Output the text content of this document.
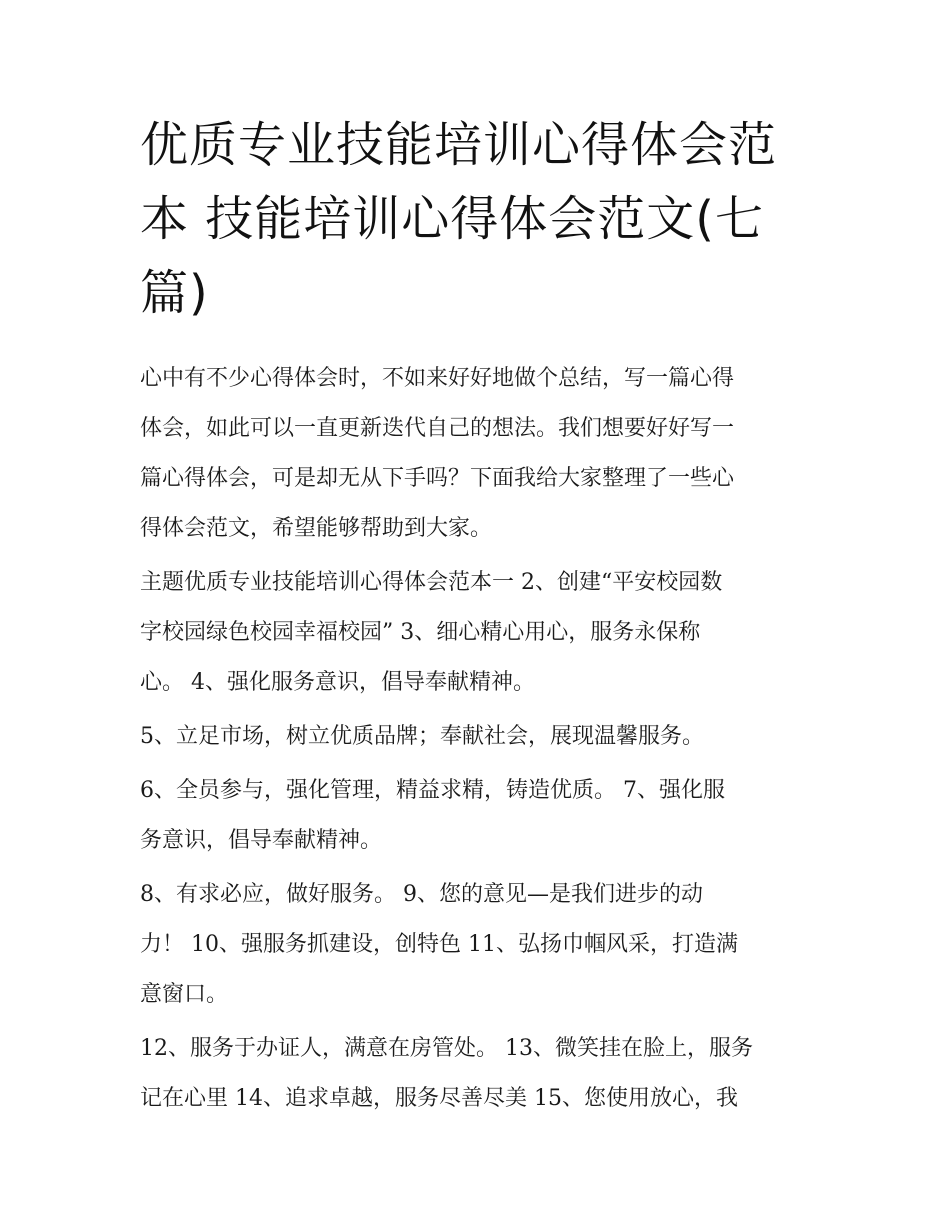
优质专业技能培训心得体会范
本 技能培训心得体会范文(七
篇)

心中有不少心得体会时，不如来好好地做个总结，写一篇心得
体会，如此可以一直更新迭代自己的想法。我们想要好好写一
篇心得体会，可是却无从下手吗？下面我给大家整理了一些心
得体会范文，希望能够帮助到大家。

主题优质专业技能培训心得体会范本一 2、创建“平安校园数
字校园绿色校园幸福校园” 3、细心精心用心，服务永保称
心。 4、强化服务意识，倡导奉献精神。

5、立足市场，树立优质品牌；奉献社会，展现温馨服务。

6、全员参与，强化管理，精益求精，铸造优质。 7、强化服
务意识，倡导奉献精神。

8、有求必应，做好服务。 9、您的意见—是我们进步的动
力！ 10、强服务抓建设，创特色 11、弘扬巾帼风采，打造满
意窗口。

12、服务于办证人，满意在房管处。 13、微笑挂在脸上，服务
记在心里 14、追求卓越，服务尽善尽美 15、您使用放心，我
